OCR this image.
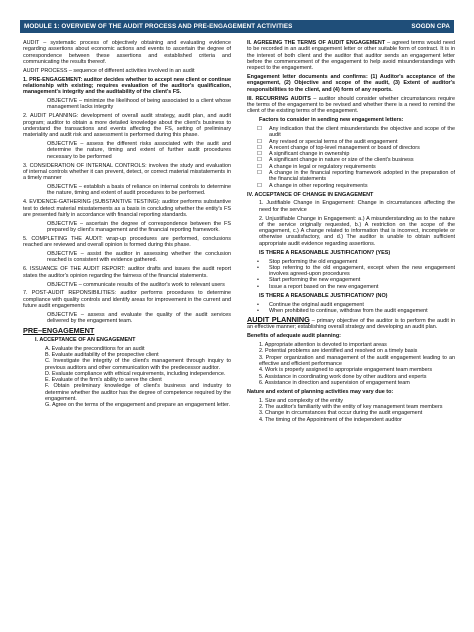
MODULE 1: OVERVIEW OF THE AUDIT PROCESS AND PRE-ENGAGEMENT ACTIVITIES	SOGDN CPA

AUDIT – systematic process of objectively obtaining and evaluating evidence regarding assertions about economic actions and events to ascertain the degree of correspondence between these assertions and established criteria and communicating the results thereof.

AUDIT PROCESS – sequence of different activities involved in an audit

1. PRE-ENGAGEMENT: auditor decides whether to accept new client or continue relationship with existing; requires evaluation of the auditor's qualification, management's integrity and the auditability of the client's FS.

OBJECTIVE – minimize the likelihood of being associated to a client whose management lacks integrity

2. AUDIT PLANNING: development of overall audit strategy, audit plan, and audit program; auditor to obtain a more detailed knowledge about the client's business to understand the transactions and events affecting the FS, setting of preliminary materiality and audit risk and assessment is performed during this phase.

OBJECTIVE – assess the different risks associated with the audit and determine the nature, timing and extent of further audit procedures necessary to be performed

3. CONSIDERATION OF INTERNAL CONTROLS: involves the study and evaluation of internal controls whether it can prevent, detect, or correct material misstatements in a timely manner

OBJECTIVE – establish a basis of reliance on internal controls to determine the nature, timing and extent of audit procedures to be performed.

4. EVIDENCE-GATHERING (SUBSTANTIVE TESTING): auditor performs substantive test to detect material misstatements as a basis in concluding whether the entity's FS are presented fairly in accordance with financial reporting standards.

OBJECTIVE – ascertain the degree of correspondence between the FS prepared by client's management and the financial reporting framework.

5. COMPLETING THE AUDIT: wrap-up procedures are performed, conclusions reached are reviewed and overall opinion is formed during this phase.

OBJECTIVE – assist the auditor in assessing whether the conclusion reached is consistent with evidence gathered.

6. ISSUANCE OF THE AUDIT REPORT: auditor drafts and issues the audit report states the auditor's opinion regarding the fairness of the financial statements.

OBJECTIVE – communicate results of the auditor's work to relevant users

7. POST-AUDIT REPONSIBILITIES: auditor performs procedures to determine compliance with quality controls and identify areas for improvement in the current and future audit engagements

OBJECTIVE – assess and evaluate the quality of the audit services delivered by the engagement team.

PRE–ENGAGEMENT

I. ACCEPTANCE OF AN ENGAGEMENT

A. Evaluate the preconditions for an audit
B. Evaluate auditability of the prospective client
C. Investigate the integrity of the client's management through inquiry to previous auditors and other communication with the predecessor auditor.
D. Evaluate compliance with ethical requirements, including independence.
E. Evaluate of the firm's ability to serve the client
F. Obtain preliminary knowledge of client's business and industry to determine whether the auditor has the degree of competence required by the engagement.
G. Agree on the terms of the engagement and prepare an engagement letter.

II. AGREEING THE TERMS OF AUDIT ENGAGEMENT – agreed terms would need to be recorded in an audit engagement letter or other suitable form of contract. It is in the interest of both client and the auditor that auditor sends an engagement letter before the commencement of the engagement to help avoid misunderstandings with respect to the engagement.

Engagement letter documents and confirms: (1) Auditor's acceptance of the engagement, (2) Objective and scope of the audit, (3) Extent of auditor's responsibilities to the client, and (4) form of any reports.

III. RECURRING AUDITS – auditor should consider whether circumstances require the terms of the engagement to be revised and whether there is a need to remind the client of the existing terms of the engagement.

Factors to consider in sending new engagement letters:

☐ Any indication that the client misunderstands the objective and scope of the audit
☐ Any revised or special terms of the audit engagement
☐ A recent change of top-level management or board of directors
☐ A significant change in ownership
☐ A significant change in nature or size of the client's business
☐ A change in legal or regulatory requirements
☐ A change in the financial reporting framework adopted in the preparation of the financial statements
☐ A change in other reporting requirements

IV. ACCEPTANCE OF CHANGE IN ENGAGEMENT

1. Justifiable Change in Engagement: Change in circumstances affecting the need for the service

2. Unjustifiable Change in Engagement: a.) A misunderstanding as to the nature of the service originally requested, b.) A restriction on the scope of the engagement, c.) A change related to information that is incorrect, incomplete or otherwise unsatisfactory, and d.) The auditor is unable to obtain sufficient appropriate audit evidence regarding assertions.

IS THERE A REASONABLE JUSTIFICATION? (YES)

• Stop performing the old engagement
• Stop referring to the old engagement, except when the new engagement involves agreed-upon procedures
• Start performing the new engagement
• Issue a report based on the new engagement

IS THERE A REASONABLE JUSTIFICATION? (NO)

• Continue the original audit engagement
• When prohibited to continue, withdraw from the audit engagement

AUDIT PLANNING – primary objective of the auditor is to perform the audit in an effective manner; establishing overall strategy and developing an audit plan.

Benefits of adequate audit planning:

1. Appropriate attention is devoted to important areas

2. Potential problems are identified and resolved on a timely basis

3. Proper organization and management of the audit engagement leading to an effective and efficient performance

4. Work is properly assigned to appropriate engagement team members

5. Assistance in coordinating work done by other auditors and experts

6. Assistance in direction and supervision of engagement team

Nature and extent of planning activities may vary due to:

1. Size and complexity of the entity

2. The auditor's familiarity with the entity of key management team members

3. Change in circumstances that occur during the audit engagement

4. The timing of the Appointment of the independent auditor
